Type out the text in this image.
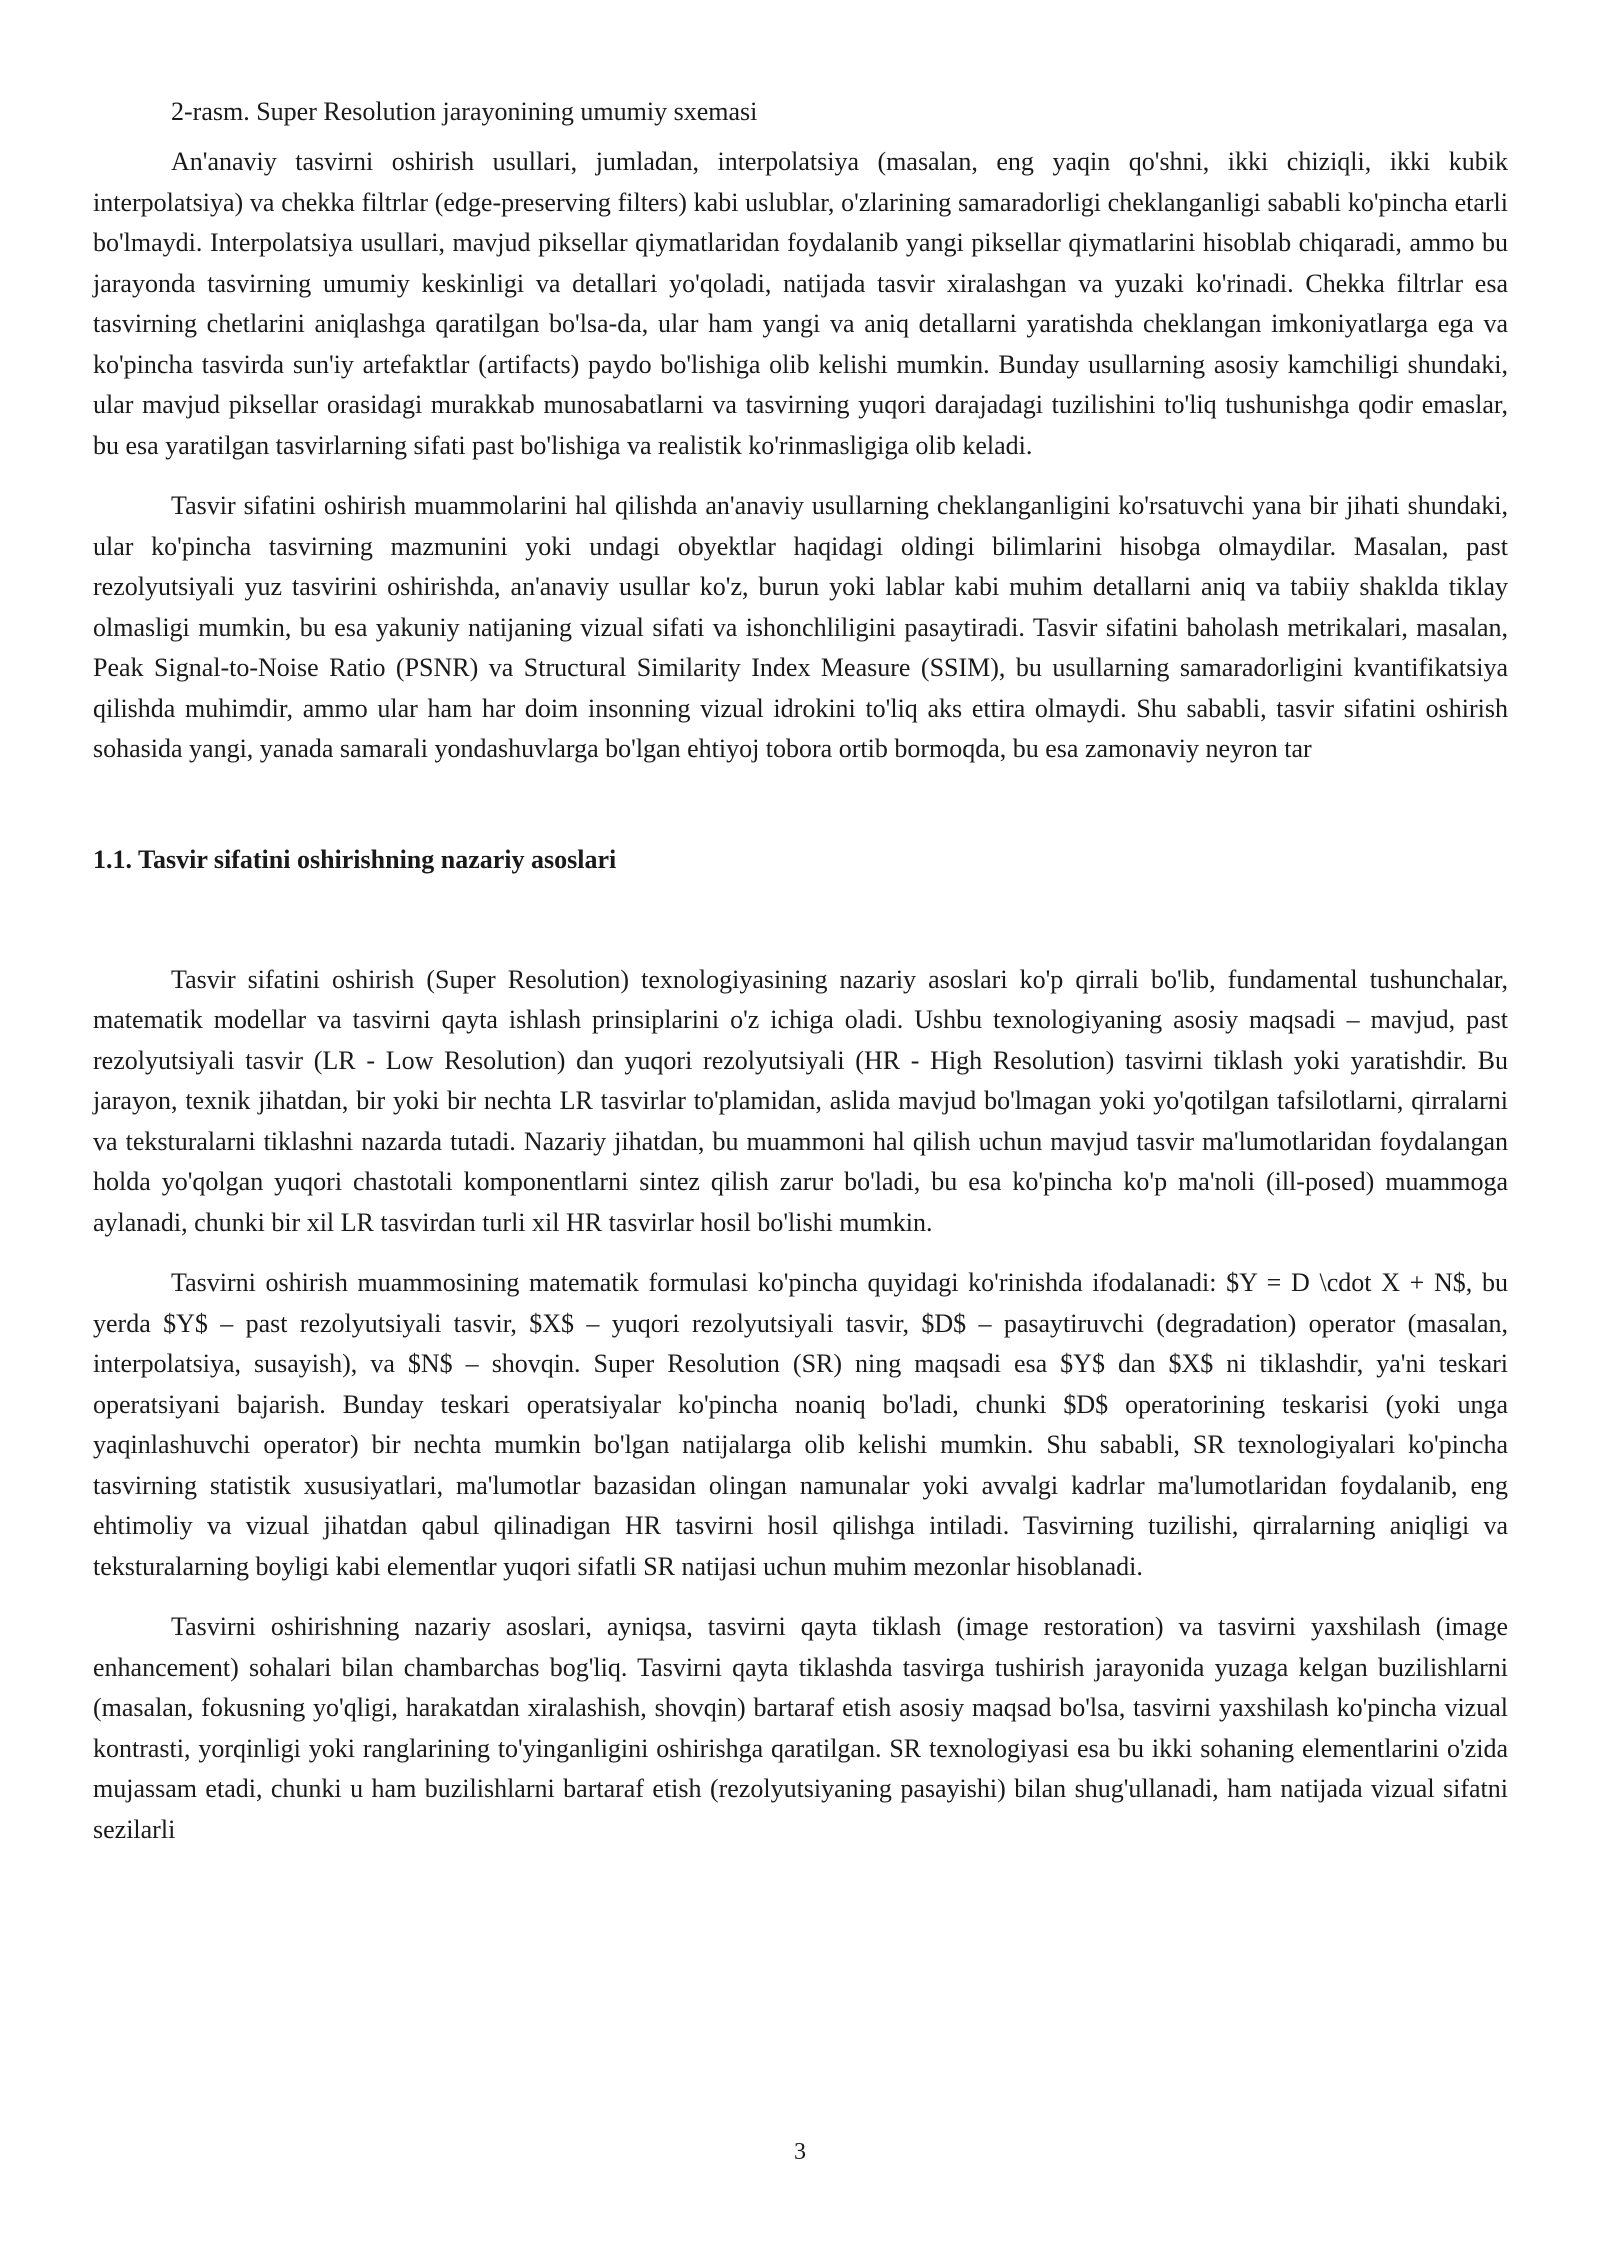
2-rasm. Super Resolution jarayonining umumiy sxemasi

An'anaviy tasvirni oshirish usullari, jumladan, interpolatsiya (masalan, eng yaqin qo'shni, ikki chiziqli, ikki kubik interpolatsiya) va chekka filtrlar (edge-preserving filters) kabi uslublar, o'zlarining samaradorligi cheklanganligi sababli ko'pincha etarli bo'lmaydi. Interpolatsiya usullari, mavjud piksellar qiymatlaridan foydalanib yangi piksellar qiymatlarini hisoblab chiqaradi, ammo bu jarayonda tasvirning umumiy keskinligi va detallari yo'qoladi, natijada tasvir xiralashgan va yuzaki ko'rinadi. Chekka filtrlar esa tasvirning chetlarini aniqlashga qaratilgan bo'lsa-da, ular ham yangi va aniq detallarni yaratishda cheklangan imkoniyatlarga ega va ko'pincha tasvirda sun'iy artefaktlar (artifacts) paydo bo'lishiga olib kelishi mumkin. Bunday usullarning asosiy kamchiligi shundaki, ular mavjud piksellar orasidagi murakkab munosabatlarni va tasvirning yuqori darajadagi tuzilishini to'liq tushunishga qodir emaslar, bu esa yaratilgan tasvirlarning sifati past bo'lishiga va realistik ko'rinmasligiga olib keladi.

Tasvir sifatini oshirish muammolarini hal qilishda an'anaviy usullarning cheklanganligini ko'rsatuvchi yana bir jihati shundaki, ular ko'pincha tasvirning mazmunini yoki undagi obyektlar haqidagi oldingi bilimlarini hisobga olmaydilar. Masalan, past rezolyutsiyali yuz tasvirini oshirishda, an'anaviy usullar ko'z, burun yoki lablar kabi muhim detallarni aniq va tabiiy shaklda tiklay olmasligi mumkin, bu esa yakuniy natijaning vizual sifati va ishonchliligini pasaytiradi. Tasvir sifatini baholash metrikalari, masalan, Peak Signal-to-Noise Ratio (PSNR) va Structural Similarity Index Measure (SSIM), bu usullarning samaradorligini kvantifikatsiya qilishda muhimdir, ammo ular ham har doim insonning vizual idrokini to'liq aks ettira olmaydi. Shu sababli, tasvir sifatini oshirish sohasida yangi, yanada samarali yondashuvlarga bo'lgan ehtiyoj tobora ortib bormoqda, bu esa zamonaviy neyron tar

1.1. Tasvir sifatini oshirishning nazariy asoslari

Tasvir sifatini oshirish (Super Resolution) texnologiyasining nazariy asoslari ko'p qirrali bo'lib, fundamental tushunchalar, matematik modellar va tasvirni qayta ishlash prinsiplarini o'z ichiga oladi. Ushbu texnologiyaning asosiy maqsadi – mavjud, past rezolyutsiyali tasvir (LR - Low Resolution) dan yuqori rezolyutsiyali (HR - High Resolution) tasvirni tiklash yoki yaratishdir. Bu jarayon, texnik jihatdan, bir yoki bir nechta LR tasvirlar to'plamidan, aslida mavjud bo'lmagan yoki yo'qotilgan tafsilotlarni, qirralarni va teksturalarni tiklashni nazarda tutadi. Nazariy jihatdan, bu muammoni hal qilish uchun mavjud tasvir ma'lumotlaridan foydalangan holda yo'qolgan yuqori chastotali komponentlarni sintez qilish zarur bo'ladi, bu esa ko'pincha ko'p ma'noli (ill-posed) muammoga aylanadi, chunki bir xil LR tasvirdan turli xil HR tasvirlar hosil bo'lishi mumkin.

Tasvirni oshirish muammosining matematik formulasi ko'pincha quyidagi ko'rinishda ifodalanadi: $Y = D \cdot X + N$, bu yerda $Y$ – past rezolyutsiyali tasvir, $X$ – yuqori rezolyutsiyali tasvir, $D$ – pasaytiruvchi (degradation) operator (masalan, interpolatsiya, susayish), va $N$ – shovqin. Super Resolution (SR) ning maqsadi esa $Y$ dan $X$ ni tiklashdir, ya'ni teskari operatsiyani bajarish. Bunday teskari operatsiyalar ko'pincha noaniq bo'ladi, chunki $D$ operatorining teskarisi (yoki unga yaqinlashuvchi operator) bir nechta mumkin bo'lgan natijalarga olib kelishi mumkin. Shu sababli, SR texnologiyalari ko'pincha tasvirning statistik xususiyatlari, ma'lumotlar bazasidan olingan namunalar yoki avvalgi kadrlar ma'lumotlaridan foydalanib, eng ehtimoliy va vizual jihatdan qabul qilinadigan HR tasvirni hosil qilishga intiladi. Tasvirning tuzilishi, qirralarning aniqligi va teksturalarning boyligi kabi elementlar yuqori sifatli SR natijasi uchun muhim mezonlar hisoblanadi.

Tasvirni oshirishning nazariy asoslari, ayniqsa, tasvirni qayta tiklash (image restoration) va tasvirni yaxshilash (image enhancement) sohalari bilan chambarchas bog'liq. Tasvirni qayta tiklashda tasvirga tushirish jarayonida yuzaga kelgan buzilishlarni (masalan, fokusning yo'qligi, harakatdan xiralashish, shovqin) bartaraf etish asosiy maqsad bo'lsa, tasvirni yaxshilash ko'pincha vizual kontrasti, yorqinligi yoki ranglarining to'yinganligini oshirishga qaratilgan. SR texnologiyasi esa bu ikki sohaning elementlarini o'zida mujassam etadi, chunki u ham buzilishlarni bartaraf etish (rezolyutsiyaning pasayishi) bilan shug'ullanadi, ham natijada vizual sifatni sezilarli

3
